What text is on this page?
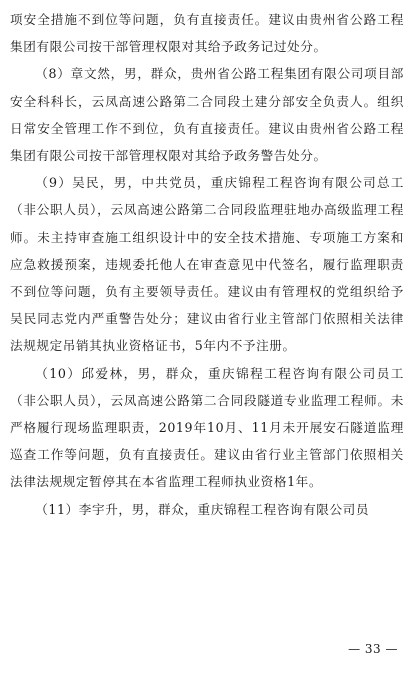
项安全措施不到位等问题，负有直接责任。建议由贵州省公路工程集团有限公司按干部管理权限对其给予政务记过处分。

（8）章文然，男，群众，贵州省公路工程集团有限公司项目部安全科科长，云凤高速公路第二合同段土建分部安全负责人。组织日常安全管理工作不到位，负有直接责任。建议由贵州省公路工程集团有限公司按干部管理权限对其给予政务警告处分。

（9）吴民，男，中共党员，重庆锦程工程咨询有限公司总工（非公职人员），云凤高速公路第二合同段监理驻地办高级监理工程师。未主持审查施工组织设计中的安全技术措施、专项施工方案和应急救援预案，违规委托他人在审查意见中代签名，履行监理职责不到位等问题，负有主要领导责任。建议由有管理权的党组织给予吴民同志党内严重警告处分；建议由省行业主管部门依照相关法律法规规定吊销其执业资格证书，5年内不予注册。

（10）邱爱林，男，群众，重庆锦程工程咨询有限公司员工（非公职人员），云凤高速公路第二合同段隧道专业监理工程师。未严格履行现场监理职责，2019年10月、11月未开展安石隧道监理巡查工作等问题，负有直接责任。建议由省行业主管部门依照相关法律法规规定暂停其在本省监理工程师执业资格1年。

（11）李宇升，男，群众，重庆锦程工程咨询有限公司员

— 33 —
